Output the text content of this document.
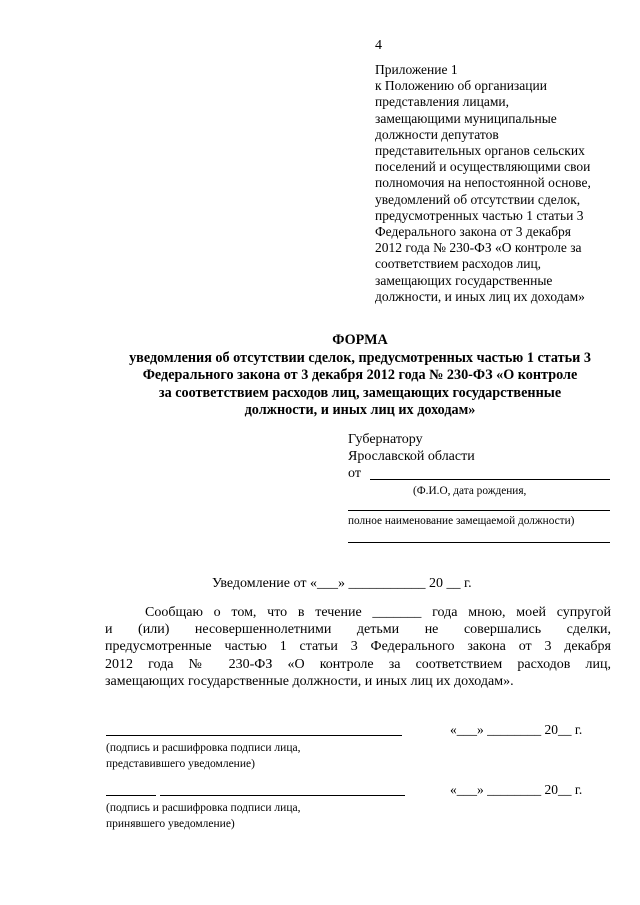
4
Приложение 1
к Положению об организации
представления лицами,
замещающими муниципальные
должности депутатов
представительных органов сельских
поселений и осуществляющими свои
полномочия на непостоянной основе,
уведомлений об отсутствии сделок,
предусмотренных частью 1 статьи 3
Федерального закона от 3 декабря
2012 года № 230-ФЗ «О контроле за
соответствием расходов лиц,
замещающих государственные
должности, и иных лиц их доходам»
ФОРМА
уведомления об отсутствии сделок, предусмотренных частью 1 статьи 3
Федерального закона от 3 декабря 2012 года № 230-ФЗ «О контроле
за соответствием расходов лиц, замещающих государственные
должности, и иных лиц их доходам»
Губернатору
Ярославской области
от
(Ф.И.О, дата рождения,
полное наименование замещаемой должности)
Уведомление от «___» ___________ 20 __ г.
Сообщаю о том, что в течение _______ года мною, моей супругой
и (или) несовершеннолетними детьми не совершались сделки,
предусмотренные частью 1 статьи 3 Федерального закона от 3 декабря
2012 года № 230-ФЗ «О контроле за соответствием расходов лиц,
замещающих государственные должности, и иных лиц их доходам».
«___» ________ 20__ г.
(подпись и расшифровка подписи лица,
представившего уведомление)
«___» ________ 20__ г.
(подпись и расшифровка подписи лица,
принявшего уведомление)
